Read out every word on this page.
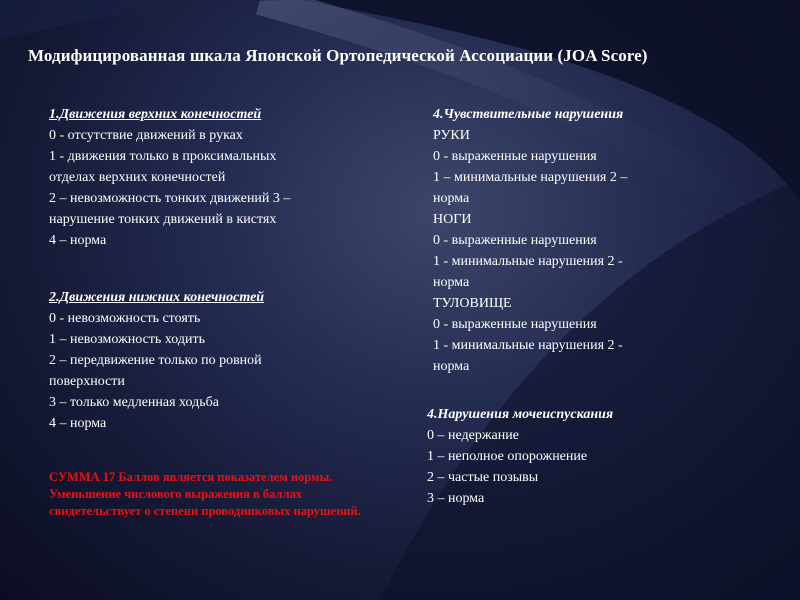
Модифицированная шкала Японской Ортопедической Ассоциации (JOA Score)
1.Движения верхних конечностей
0 - отсутствие движений в руках
1 - движения только в проксимальных
отделах верхних конечностей
2 – невозможность тонких движений 3 –
нарушение тонких движений в кистях
4 – норма
2.Движения нижних конечностей
0 - невозможность стоять
1 – невозможность ходить
2 – передвижение только по ровной
поверхности
3 – только медленная ходьба
4 – норма
4.Чувствительные нарушения
РУКИ
0 - выраженные нарушения
1 – минимальные нарушения 2 –
норма
НОГИ
0 - выраженные нарушения
1 - минимальные нарушения 2 -
норма
ТУЛОВИЩЕ
0 - выраженные нарушения
1 - минимальные нарушения 2 -
норма
4.Нарушения мочеиспускания
0 – недержание
1 – неполное опорожнение
2 – частые позывы
3 – норма
СУММА 17 Баллов является показателем нормы. Уменьшение числового выражения в баллах свидетельствует о степени проводниковых нарушений.
